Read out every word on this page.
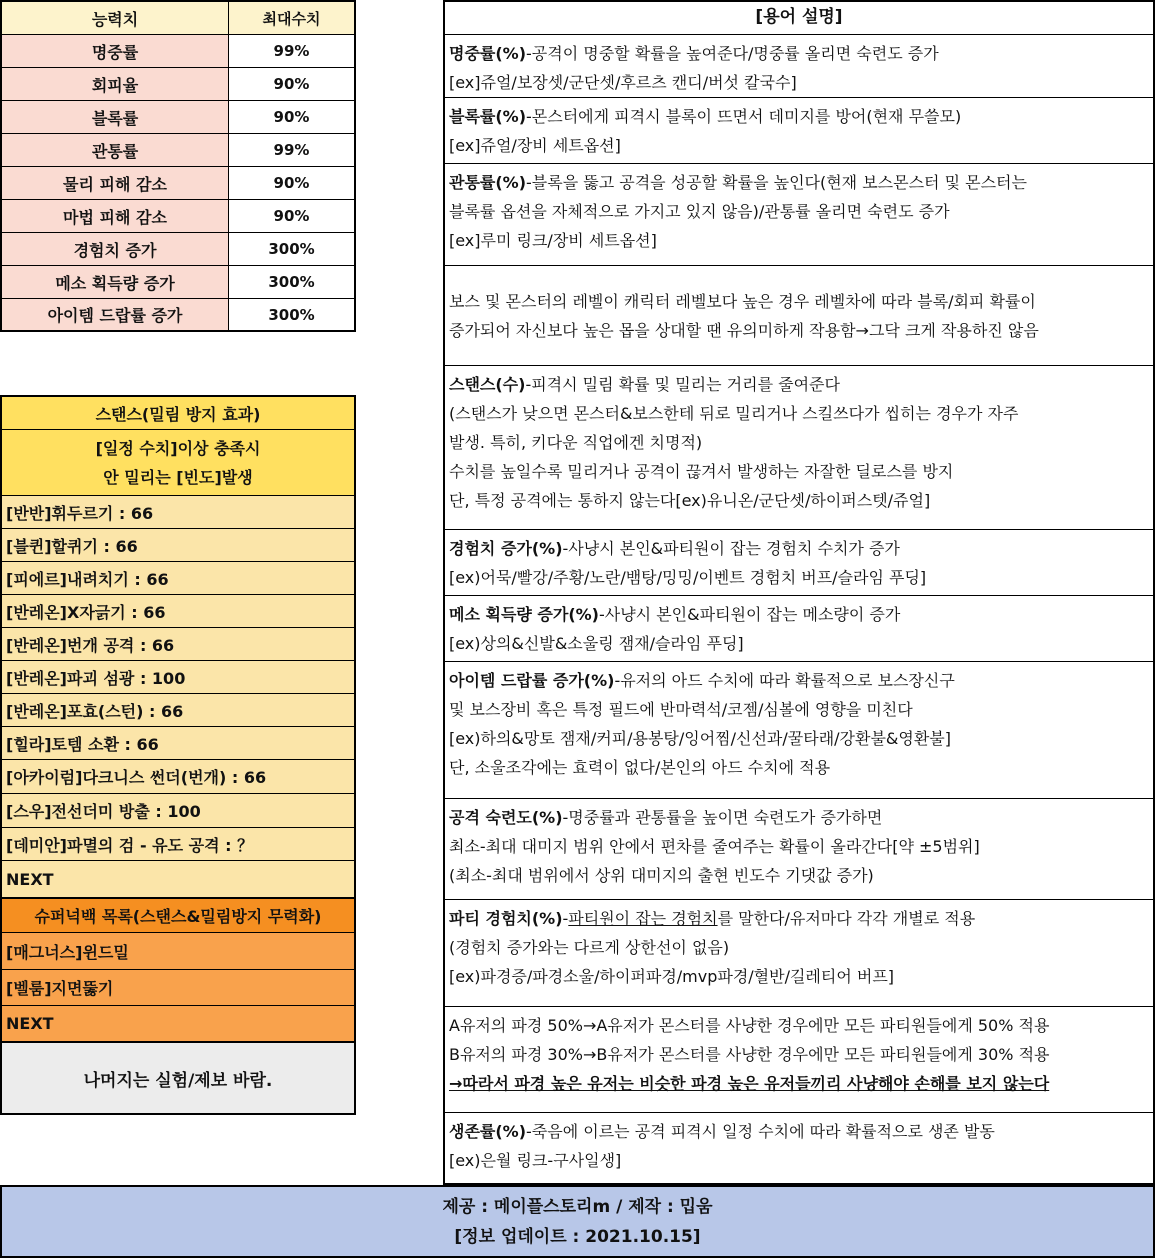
능력치	최대수치
명중률	99%
회피율	90%
블록률	90%
관통률	99%
물리 피해 감소	90%
마법 피해 감소	90%
경험치 증가	300%
메소 획득량 증가	300%
아이템 드랍률 증가	300%
스탠스(밀림 방지 효과)
[일정 수치]이상 충족시
안 밀리는 [빈도]발생
[반반]휘두르기 : 66
[블퀸]할퀴기 : 66
[피에르]내려치기 : 66
[반레온]X자긁기 : 66
[반레온]번개 공격 : 66
[반레온]파괴 섬광 : 100
[반레온]포효(스턴) : 66
[힐라]토템 소환 : 66
[아카이럼]다크니스 썬더(번개) : 66
[스우]전선더미 방출 : 100
[데미안]파멸의 검 - 유도 공격 : ？
NEXT
슈퍼넉백 목록(스탠스&밀림방지 무력화)
[매그너스]윈드밀
[벨룸]지면뚫기
NEXT
나머지는 실험/제보 바람.
[용어 설명]
명중률(%)-공격이 명중할 확률을 높여준다/명중률 올리면 숙련도 증가
[ex]쥬얼/보장셋/군단셋/후르츠 캔디/버섯 칼국수]
블록률(%)-몬스터에게 피격시 블록이 뜨면서 데미지를 방어(현재 무쓸모)
[ex]쥬얼/장비 세트옵션]
관통률(%)-블록을 뚫고 공격을 성공할 확률을 높인다(현재 보스몬스터 및 몬스터는
블록률 옵션을 자체적으로 가지고 있지 않음)/관통률 올리면 숙련도 증가
[ex]루미 링크/장비 세트옵션]
보스 및 몬스터의 레벨이 캐릭터 레벨보다 높은 경우 레벨차에 따라 블록/회피 확률이
증가되어 자신보다 높은 몹을 상대할 땐 유의미하게 작용함→그닥 크게 작용하진 않음
스탠스(수)-피격시 밀림 확률 및 밀리는 거리를 줄여준다
(스탠스가 낮으면 몬스터&보스한테 뒤로 밀리거나 스킬쓰다가 씹히는 경우가 자주
발생. 특히, 키다운 직업에겐 치명적)
수치를 높일수록 밀리거나 공격이 끊겨서 발생하는 자잘한 딜로스를 방지
단, 특정 공격에는 통하지 않는다[ex)유니온/군단셋/하이퍼스텟/쥬얼]
경험치 증가(%)-사냥시 본인&파티원이 잡는 경험치 수치가 증가
[ex)어묵/빨강/주황/노란/뱀탕/밍밍/이벤트 경험치 버프/슬라임 푸딩]
메소 획득량 증가(%)-사냥시 본인&파티원이 잡는 메소량이 증가
[ex)상의&신발&소울링 잼재/슬라임 푸딩]
아이템 드랍률 증가(%)-유저의 아드 수치에 따라 확률적으로 보스장신구
및 보스장비 혹은 특정 필드에 반마력석/코젬/심볼에 영향을 미친다
[ex)하의&망토 잼재/커피/용봉탕/잉어찜/신선과/꿀타래/강환불&영환불]
단, 소울조각에는 효력이 없다/본인의 아드 수치에 적용
공격 숙련도(%)-명중률과 관통률을 높이면 숙련도가 증가하면
최소-최대 대미지 범위 안에서 편차를 줄여주는 확률이 올라간다[약 ±5범위]
(최소-최대 범위에서 상위 대미지의 출현 빈도수 기댓값 증가)
파티 경험치(%)-파티원이 잡는 경험치를 말한다/유저마다 각각 개별로 적용
(경험치 증가와는 다르게 상한선이 없음)
[ex)파경증/파경소울/하이퍼파경/mvp파경/혈반/길레티어 버프]
A유저의 파경 50%→A유저가 몬스터를 사냥한 경우에만 모든 파티원들에게 50% 적용
B유저의 파경 30%→B유저가 몬스터를 사냥한 경우에만 모든 파티원들에게 30% 적용
→따라서 파경 높은 유저는 비슷한 파경 높은 유저들끼리 사냥해야 손해를 보지 않는다
생존률(%)-죽음에 이르는 공격 피격시 일정 수치에 따라 확률적으로 생존 발동
[ex)은월 링크-구사일생]
제공 : 메이플스토리m / 제작 : 밉움
[정보 업데이트 : 2021.10.15]
